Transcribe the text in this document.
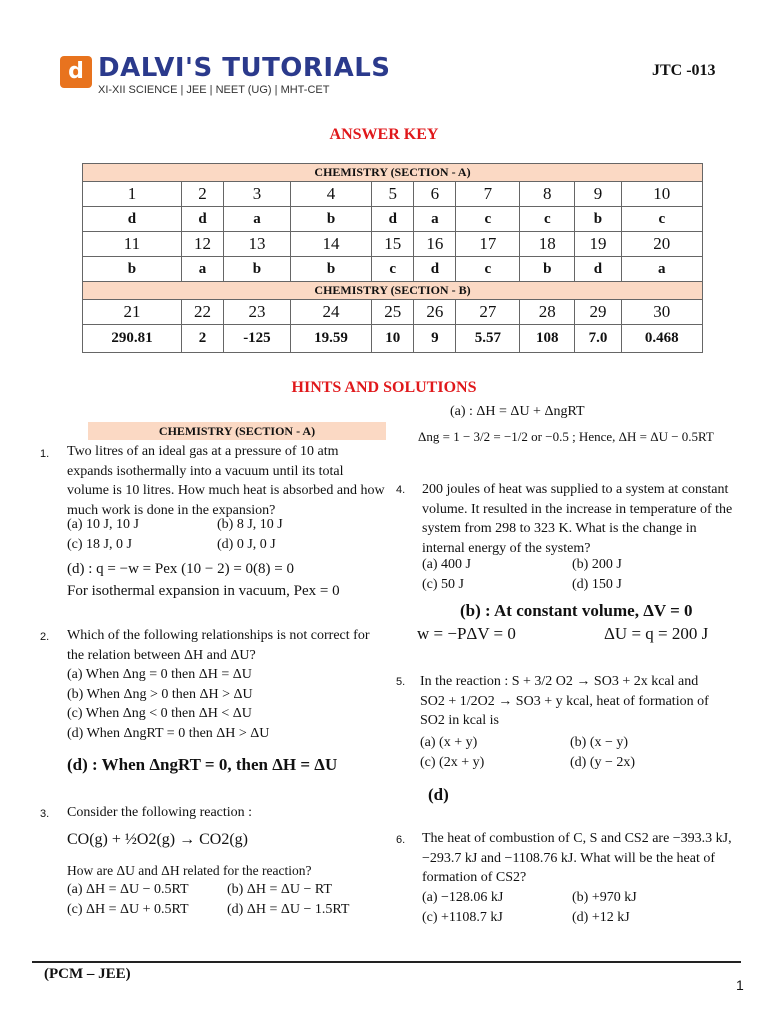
d DALVI'S TUTORIALS
XI-XII SCIENCE | JEE | NEET (UG) | MHT-CET
JTC -013
ANSWER KEY
CHEMISTRY (SECTION - A)									
1	2	3	4	5	6	7	8	9	10
d	d	a	b	d	a	c	c	b	c
11	12	13	14	15	16	17	18	19	20
b	a	b	b	c	d	c	b	d	a
CHEMISTRY (SECTION - B)									
21	22	23	24	25	26	27	28	29	30
290.81	2	-125	19.59	10	9	5.57	108	7.0	0.468
HINTS AND SOLUTIONS
CHEMISTRY (SECTION - A)
1. Two litres of an ideal gas at a pressure of 10 atm expands isothermally into a vacuum until its total volume is 10 litres. How much heat is absorbed and how much work is done in the expansion?
(a) 10 J, 10 J	(b) 8 J, 10 J
(c) 18 J, 0 J	(d) 0 J, 0 J
(d) : q = −w = Pex (10 − 2) = 0(8) = 0
For isothermal expansion in vacuum, Pex = 0
2. Which of the following relationships is not correct for the relation between ΔH and ΔU?
(a) When Δng = 0 then ΔH = ΔU
(b) When Δng > 0 then ΔH > ΔU
(c) When Δng < 0 then ΔH < ΔU
(d) When ΔngRT = 0 then ΔH > ΔU
(d) : When ΔngRT = 0, then ΔH = ΔU
3. Consider the following reaction :
CO(g) + ½O2(g) → CO2(g)
How are ΔU and ΔH related for the reaction?
(a) ΔH = ΔU − 0.5RT	(b) ΔH = ΔU − RT
(c) ΔH = ΔU + 0.5RT	(d) ΔH = ΔU − 1.5RT
(a) : ΔH = ΔU + ΔngRT
Δng = 1 − 3/2 = −1/2 or −0.5 ; Hence, ΔH = ΔU − 0.5RT
4. 200 joules of heat was supplied to a system at constant volume. It resulted in the increase in temperature of the system from 298 to 323 K. What is the change in internal energy of the system?
(a) 400 J	(b) 200 J
(c) 50 J	(d) 150 J
(b) : At constant volume, ΔV = 0
w = −PΔV = 0	ΔU = q = 200 J
5. In the reaction : S + 3/2 O2 → SO3 + 2x kcal and
SO2 + 1/2O2 → SO3 + y kcal, heat of formation of
SO2 in kcal is
(a) (x + y)	(b) (x − y)
(c) (2x + y)	(d) (y − 2x)
(d)
6. The heat of combustion of C, S and CS2 are −393.3 kJ, −293.7 kJ and −1108.76 kJ. What will be the heat of formation of CS2?
(a) −128.06 kJ	(b) +970 kJ
(c) +1108.7 kJ	(d) +12 kJ
(PCM – JEE)
1
